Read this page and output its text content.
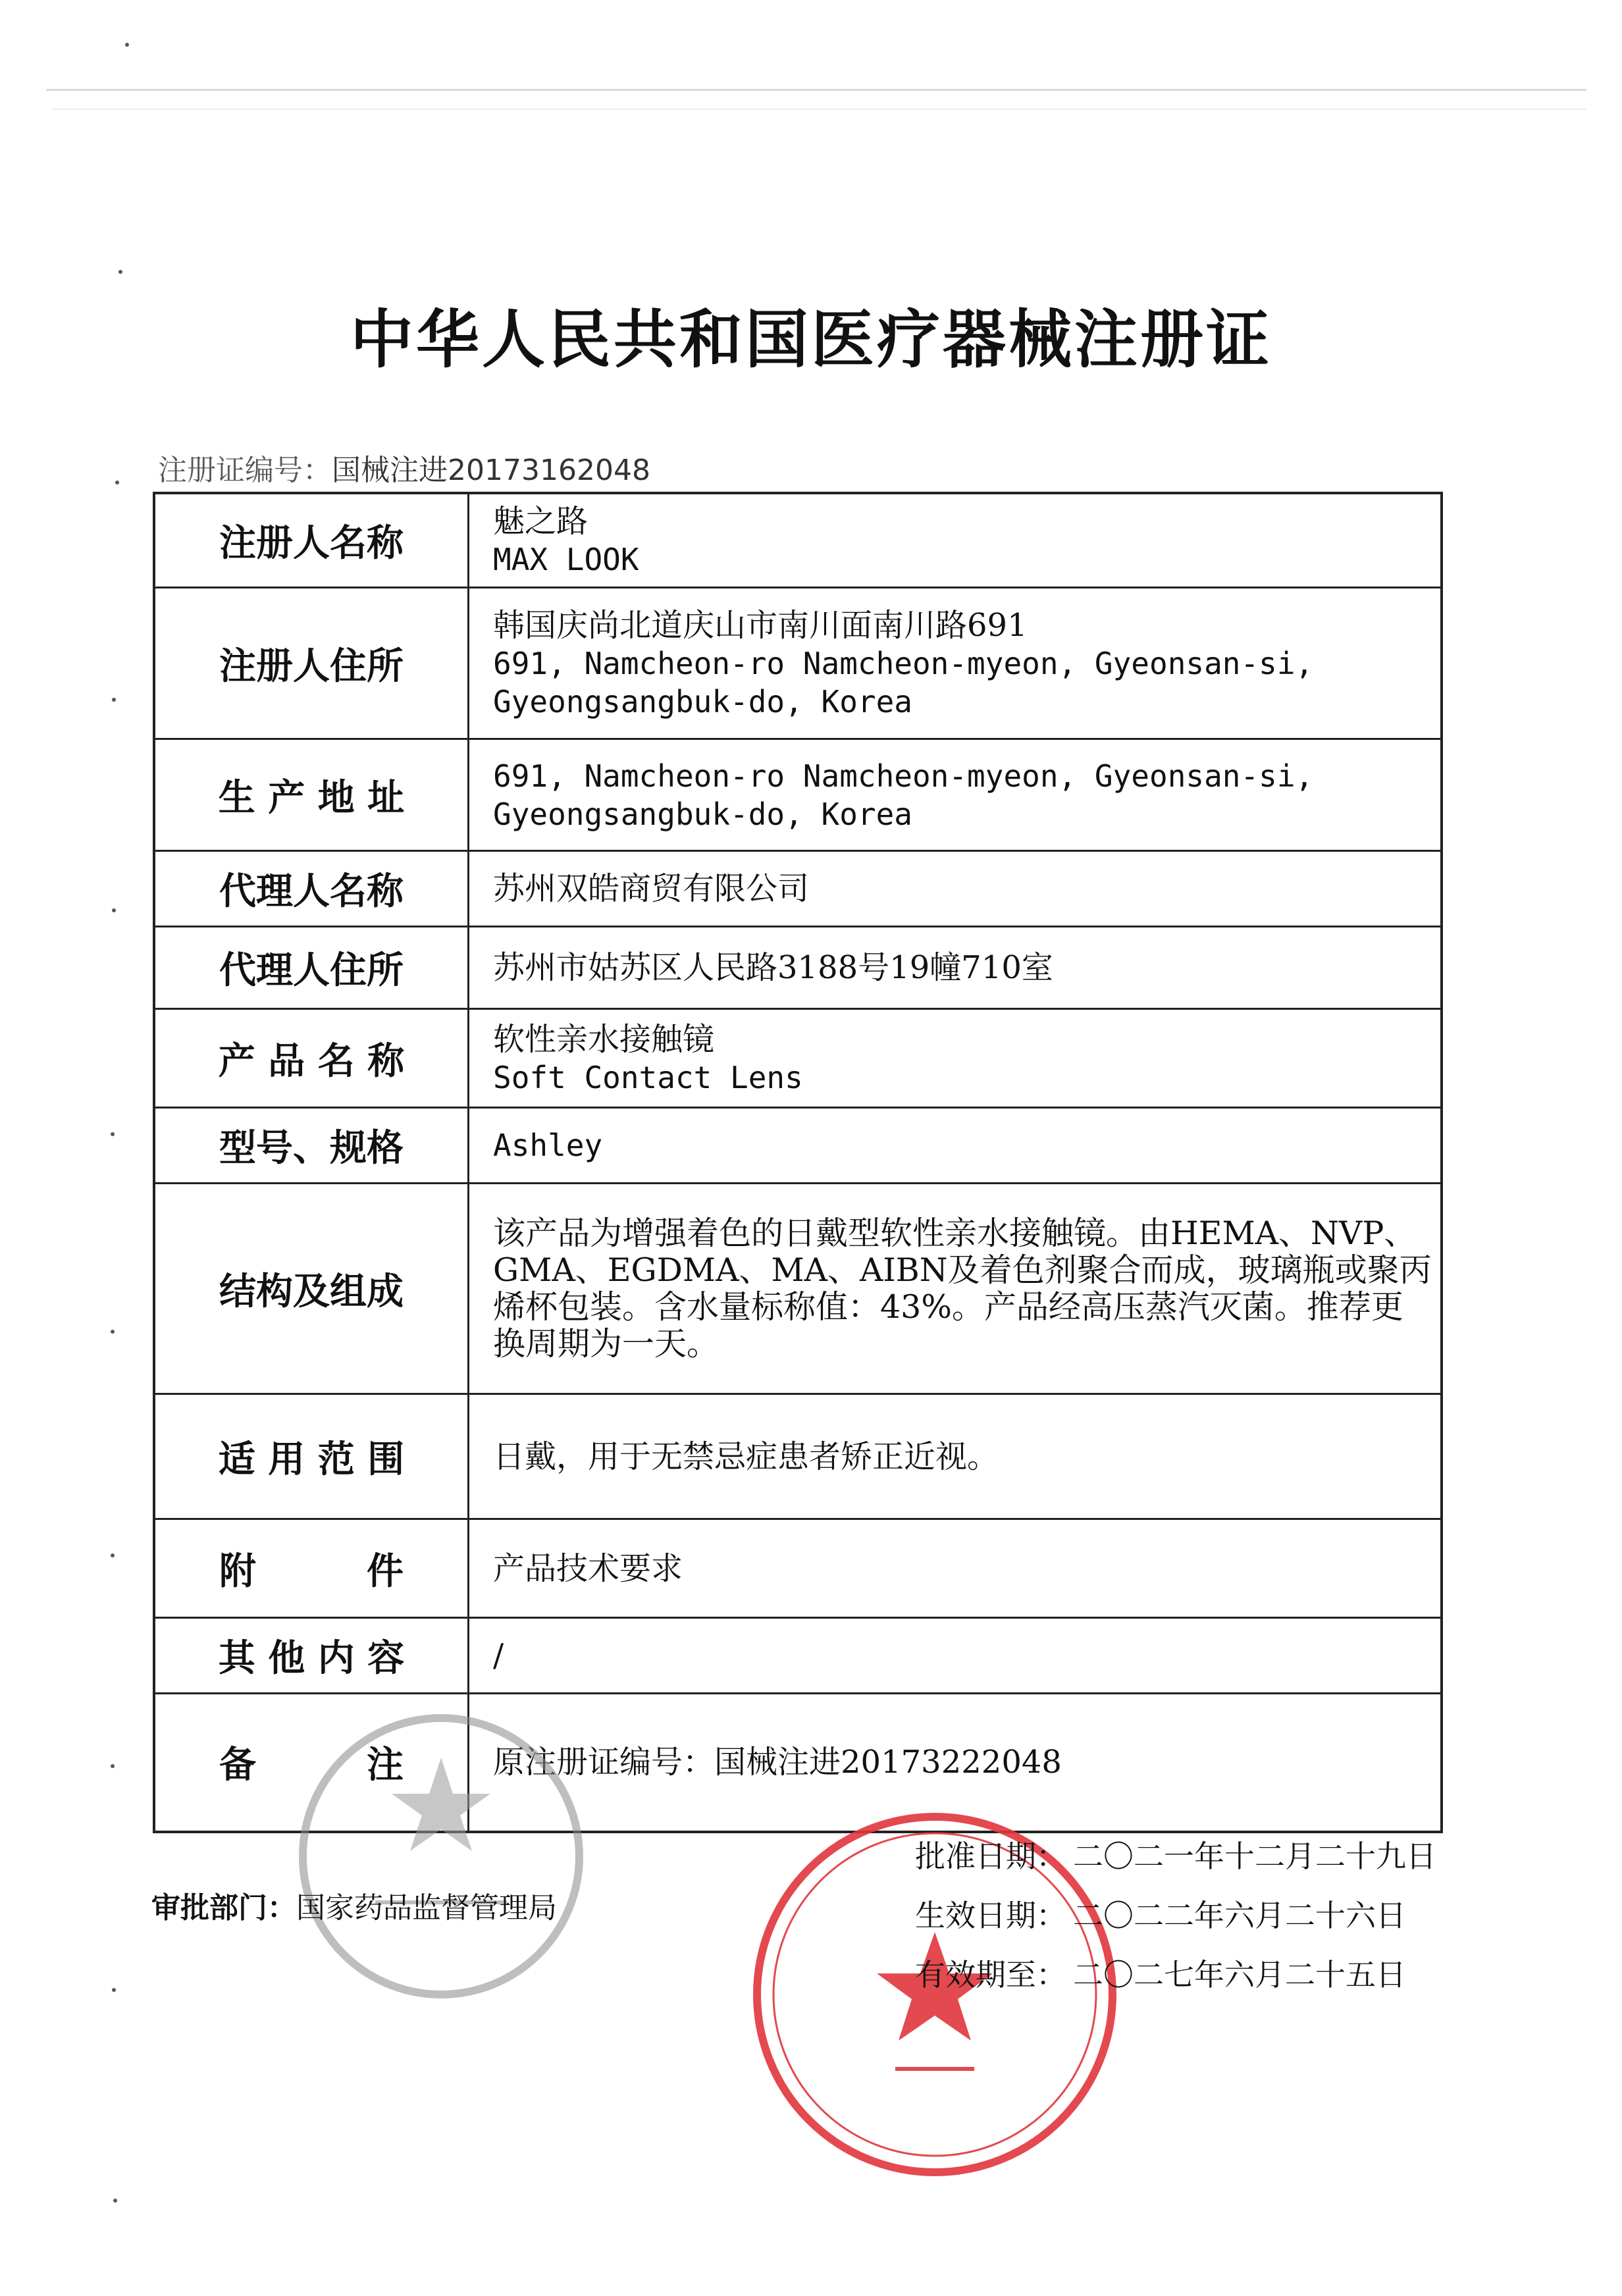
中华人民共和国医疗器械注册证
注册证编号：国械注进20173162048
注册人名称	魅之路
MAX LOOK

注册人住所	韩国庆尚北道庆山市南川面南川路691
691, Namcheon-ro Namcheon-myeon, Gyeonsan-si,
Gyeongsangbuk-do, Korea

生 产 地 址	691, Namcheon-ro Namcheon-myeon, Gyeonsan-si,
Gyeongsangbuk-do, Korea

代理人名称	苏州双皓商贸有限公司

代理人住所	苏州市姑苏区人民路3188号19幢710室

产 品 名 称	软性亲水接触镜
Soft Contact Lens

型号、规格	Ashley

结构及组成	该产品为增强着色的日戴型软性亲水接触镜。由HEMA、NVP、GMA、EGDMA、MA、AIBN及着色剂聚合而成，玻璃瓶或聚丙烯杯包装。含水量标称值：43%。产品经高压蒸汽灭菌。推荐更换周期为一天。

适 用 范 围	日戴，用于无禁忌症患者矫正近视。

附　　　件	产品技术要求

其 他 内 容	/

备　　　注	原注册证编号：国械注进20173222048
审批部门：国家药品监督管理局
批准日期： 二〇二一年十二月二十九日
生效日期： 二〇二二年六月二十六日
有效期至： 二〇二七年六月二十五日
